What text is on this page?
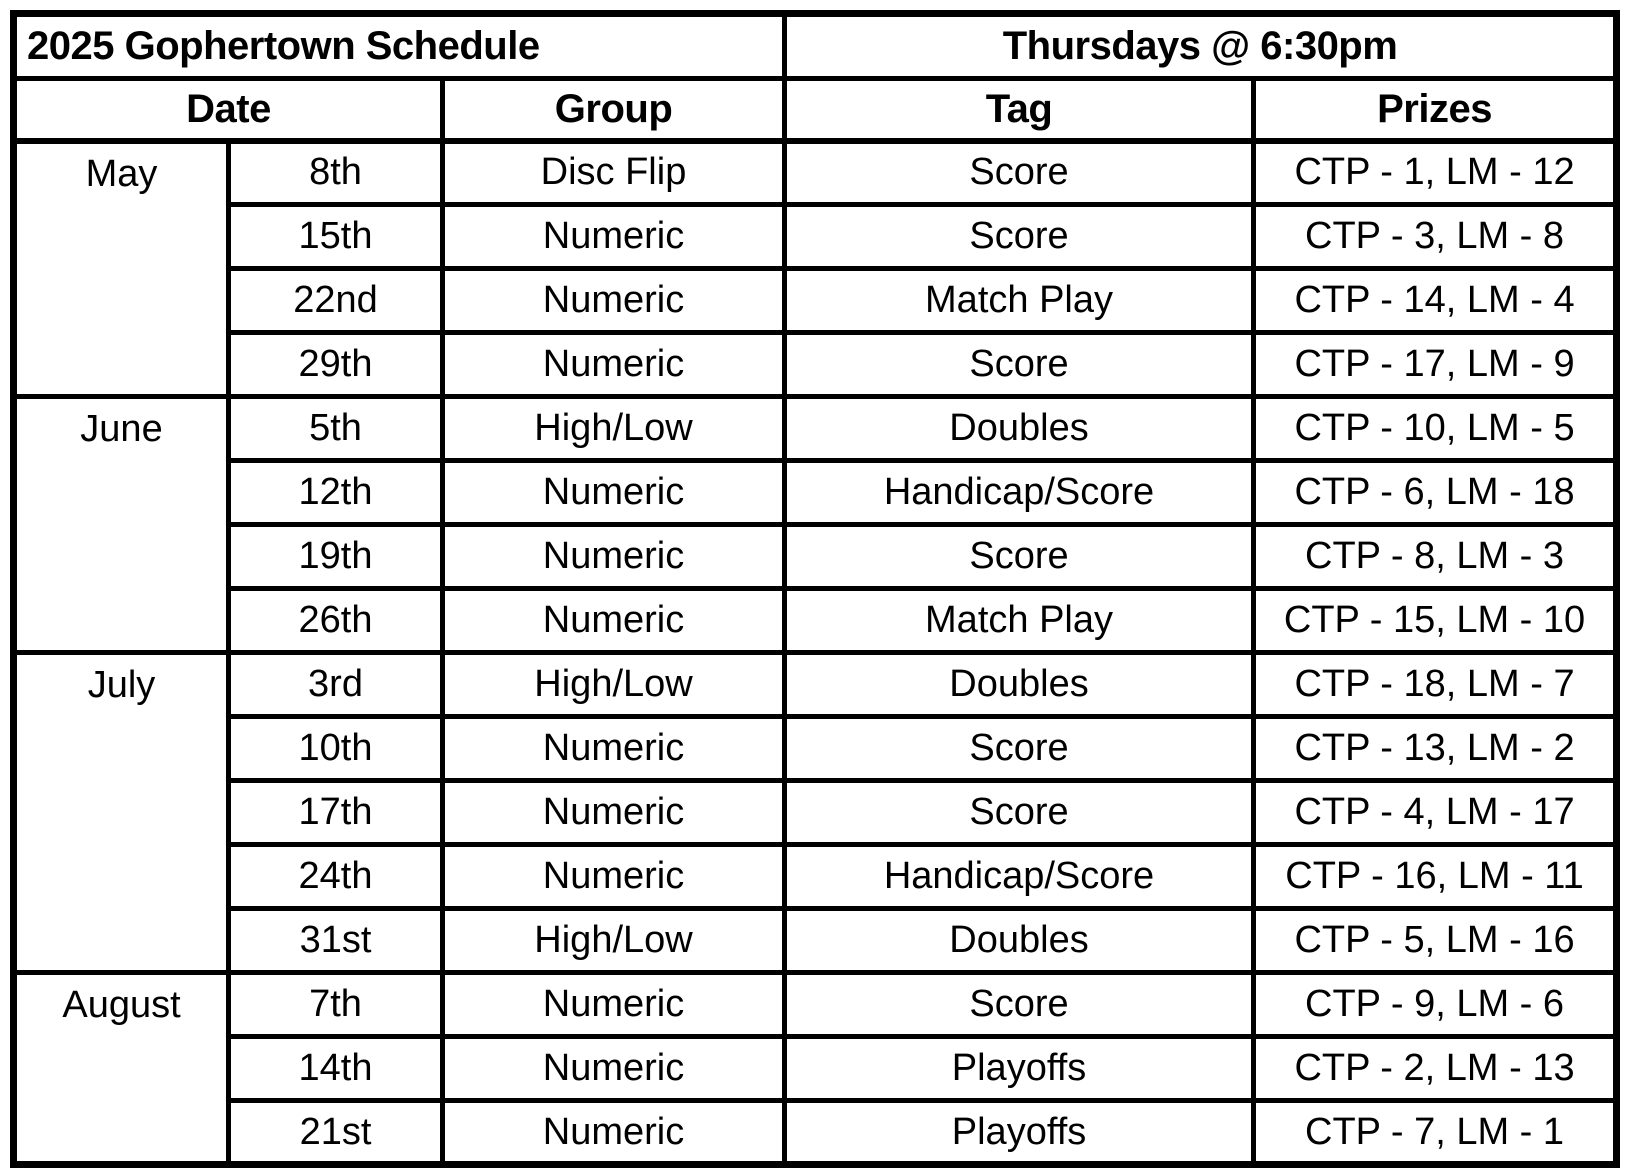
2025 Gophertown Schedule			Thursdays @ 6:30pm	
Date		Group	Tag	Prizes
May	8th	Disc Flip	Score	CTP - 1, LM - 12
	15th	Numeric	Score	CTP - 3, LM - 8
	22nd	Numeric	Match Play	CTP - 14, LM - 4
	29th	Numeric	Score	CTP - 17, LM - 9
June	5th	High/Low	Doubles	CTP - 10, LM - 5
	12th	Numeric	Handicap/Score	CTP - 6, LM - 18
	19th	Numeric	Score	CTP - 8, LM - 3
	26th	Numeric	Match Play	CTP - 15, LM - 10
July	3rd	High/Low	Doubles	CTP - 18, LM - 7
	10th	Numeric	Score	CTP - 13, LM - 2
	17th	Numeric	Score	CTP - 4, LM - 17
	24th	Numeric	Handicap/Score	CTP - 16, LM - 11
	31st	High/Low	Doubles	CTP - 5, LM - 16
August	7th	Numeric	Score	CTP - 9, LM - 6
	14th	Numeric	Playoffs	CTP - 2, LM - 13
	21st	Numeric	Playoffs	CTP - 7, LM - 1
